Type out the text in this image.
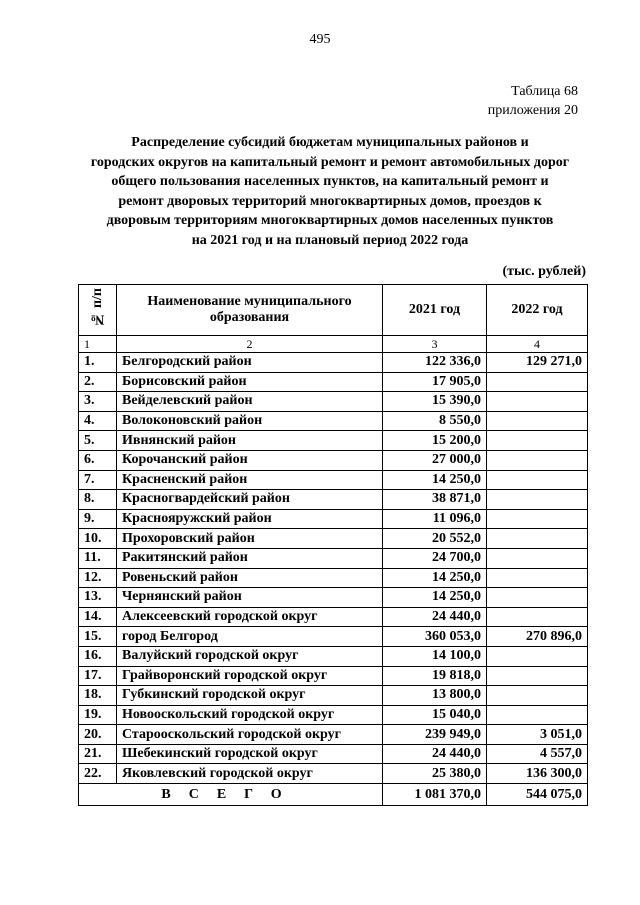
495
Таблица 68
приложения 20
Распределение субсидий бюджетам муниципальных районов и
городских округов на капитальный ремонт и ремонт автомобильных дорог
общего пользования населенных пунктов, на капитальный ремонт и
ремонт дворовых территорий многоквартирных домов, проездов к
дворовым территориям многоквартирных домов населенных пунктов
на 2021 год и на плановый период 2022 года
(тыс. рублей)
№ п/п	Наименование муниципального образования	2021 год	2022 год
1	2	3	4
1.	Белгородский район	122 336,0	129 271,0
2.	Борисовский район	17 905,0	
3.	Вейделевский район	15 390,0	
4.	Волоконовский район	8 550,0	
5.	Ивнянский район	15 200,0	
6.	Корочанский район	27 000,0	
7.	Красненский район	14 250,0	
8.	Красногвардейский район	38 871,0	
9.	Краснояружский район	11 096,0	
10.	Прохоровский район	20 552,0	
11.	Ракитянский район	24 700,0	
12.	Ровеньский район	14 250,0	
13.	Чернянский район	14 250,0	
14.	Алексеевский городской округ	24 440,0	
15.	город Белгород	360 053,0	270 896,0
16.	Валуйский городской округ	14 100,0	
17.	Грайворонский городской округ	19 818,0	
18.	Губкинский городской округ	13 800,0	
19.	Новооскольский городской округ	15 040,0	
20.	Старооскольский городской округ	239 949,0	3 051,0
21.	Шебекинский городской округ	24 440,0	4 557,0
22.	Яковлевский городской округ	25 380,0	136 300,0
ВСЕГО		1 081 370,0	544 075,0
